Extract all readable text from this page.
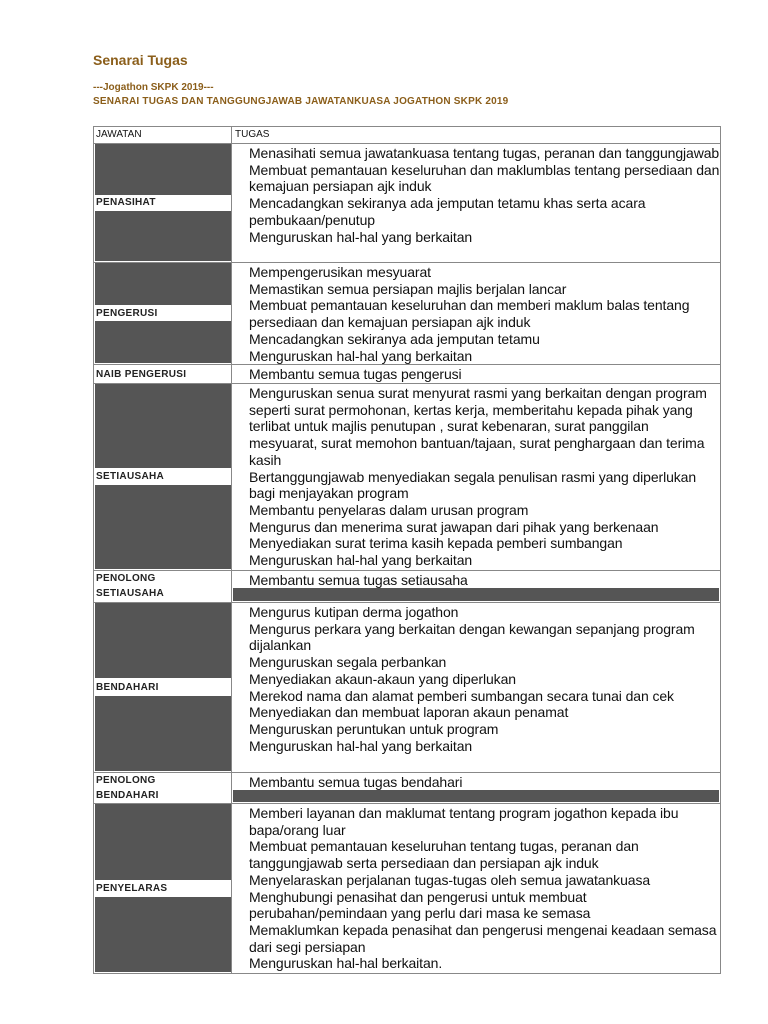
Senarai Tugas
---Jogathon SKPK 2019---
SENARAI TUGAS DAN TANGGUNGJAWAB JAWATANKUASA JOGATHON SKPK 2019
JAWATAN	TUGAS
PENASIHAT
Menasihati semua jawatankuasa tentang tugas, peranan dan tanggungjawab
Membuat pemantauan keseluruhan dan maklumblas tentang persediaan dan kemajuan persiapan ajk induk
Mencadangkan sekiranya ada jemputan tetamu khas serta acara pembukaan/penutup
Menguruskan hal-hal yang berkaitan
PENGERUSI
Mempengerusikan mesyuarat
Memastikan semua persiapan majlis berjalan lancar
Membuat pemantauan keseluruhan dan memberi maklum balas tentang persediaan dan kemajuan persiapan ajk induk
Mencadangkan sekiranya ada jemputan tetamu
Menguruskan hal-hal yang berkaitan
NAIB PENGERUSI	Membantu semua tugas pengerusi
SETIAUSAHA
Menguruskan senua surat menyurat rasmi yang berkaitan dengan program seperti surat permohonan, kertas kerja, memberitahu kepada pihak yang terlibat untuk majlis penutupan , surat kebenaran, surat panggilan mesyuarat, surat memohon bantuan/tajaan, surat penghargaan dan terima kasih
Bertanggungjawab menyediakan segala penulisan rasmi yang diperlukan bagi menjayakan program
Membantu penyelaras dalam urusan program
Mengurus dan menerima surat jawapan dari pihak yang berkenaan
Menyediakan surat terima kasih kepada pemberi sumbangan
Menguruskan hal-hal yang berkaitan
PENOLONG
SETIAUSAHA
Membantu semua tugas setiausaha
BENDAHARI
Mengurus kutipan derma jogathon
Mengurus perkara yang berkaitan dengan kewangan sepanjang program dijalankan
Menguruskan segala perbankan
Menyediakan akaun-akaun yang diperlukan
Merekod nama dan alamat pemberi sumbangan secara tunai dan cek
Menyediakan dan membuat laporan akaun penamat
Menguruskan peruntukan untuk program
Menguruskan hal-hal yang berkaitan
PENOLONG
BENDAHARI
Membantu semua tugas bendahari
PENYELARAS
Memberi layanan dan maklumat tentang program jogathon kepada ibu bapa/orang luar
Membuat pemantauan keseluruhan tentang tugas, peranan dan tanggungjawab serta persediaan dan persiapan ajk induk
Menyelaraskan perjalanan tugas-tugas oleh semua jawatankuasa
Menghubungi penasihat dan pengerusi untuk membuat perubahan/pemindaan yang perlu dari masa ke semasa
Memaklumkan kepada penasihat dan pengerusi mengenai keadaan semasa dari segi persiapan
Menguruskan hal-hal berkaitan.
